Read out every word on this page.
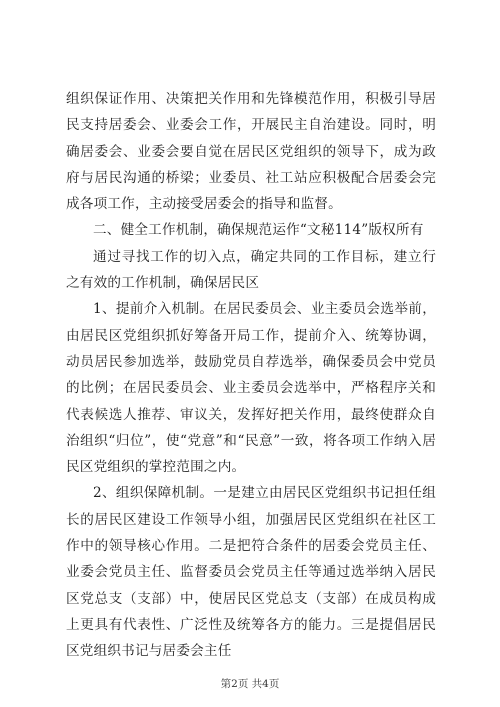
组织保证作用、决策把关作用和先锋模范作用，积极引导居民支持居委会、业委会工作，开展民主自治建设。同时，明确居委会、业委会要自觉在居民区党组织的领导下，成为政府与居民沟通的桥梁；业委员、社工站应积极配合居委会完成各项工作，主动接受居委会的指导和监督。

二、健全工作机制，确保规范运作“文秘114”版权所有

通过寻找工作的切入点，确定共同的工作目标，建立行之有效的工作机制，确保居民区

1、提前介入机制。在居民委员会、业主委员会选举前，由居民区党组织抓好筹备开局工作，提前介入、统筹协调，动员居民参加选举，鼓励党员自荐选举，确保委员会中党员的比例；在居民委员会、业主委员会选举中，严格程序关和代表候选人推荐、审议关，发挥好把关作用，最终使群众自治组织“归位”，使“党意”和“民意”一致，将各项工作纳入居民区党组织的掌控范围之内。

2、组织保障机制。一是建立由居民区党组织书记担任组长的居民区建设工作领导小组，加强居民区党组织在社区工作中的领导核心作用。二是把符合条件的居委会党员主任、业委会党员主任、监督委员会党员主任等通过选举纳入居民区党总支（支部）中，使居民区党总支（支部）在成员构成上更具有代表性、广泛性及统筹各方的能力。三是提倡居民区党组织书记与居委会主任

第2页 共4页
